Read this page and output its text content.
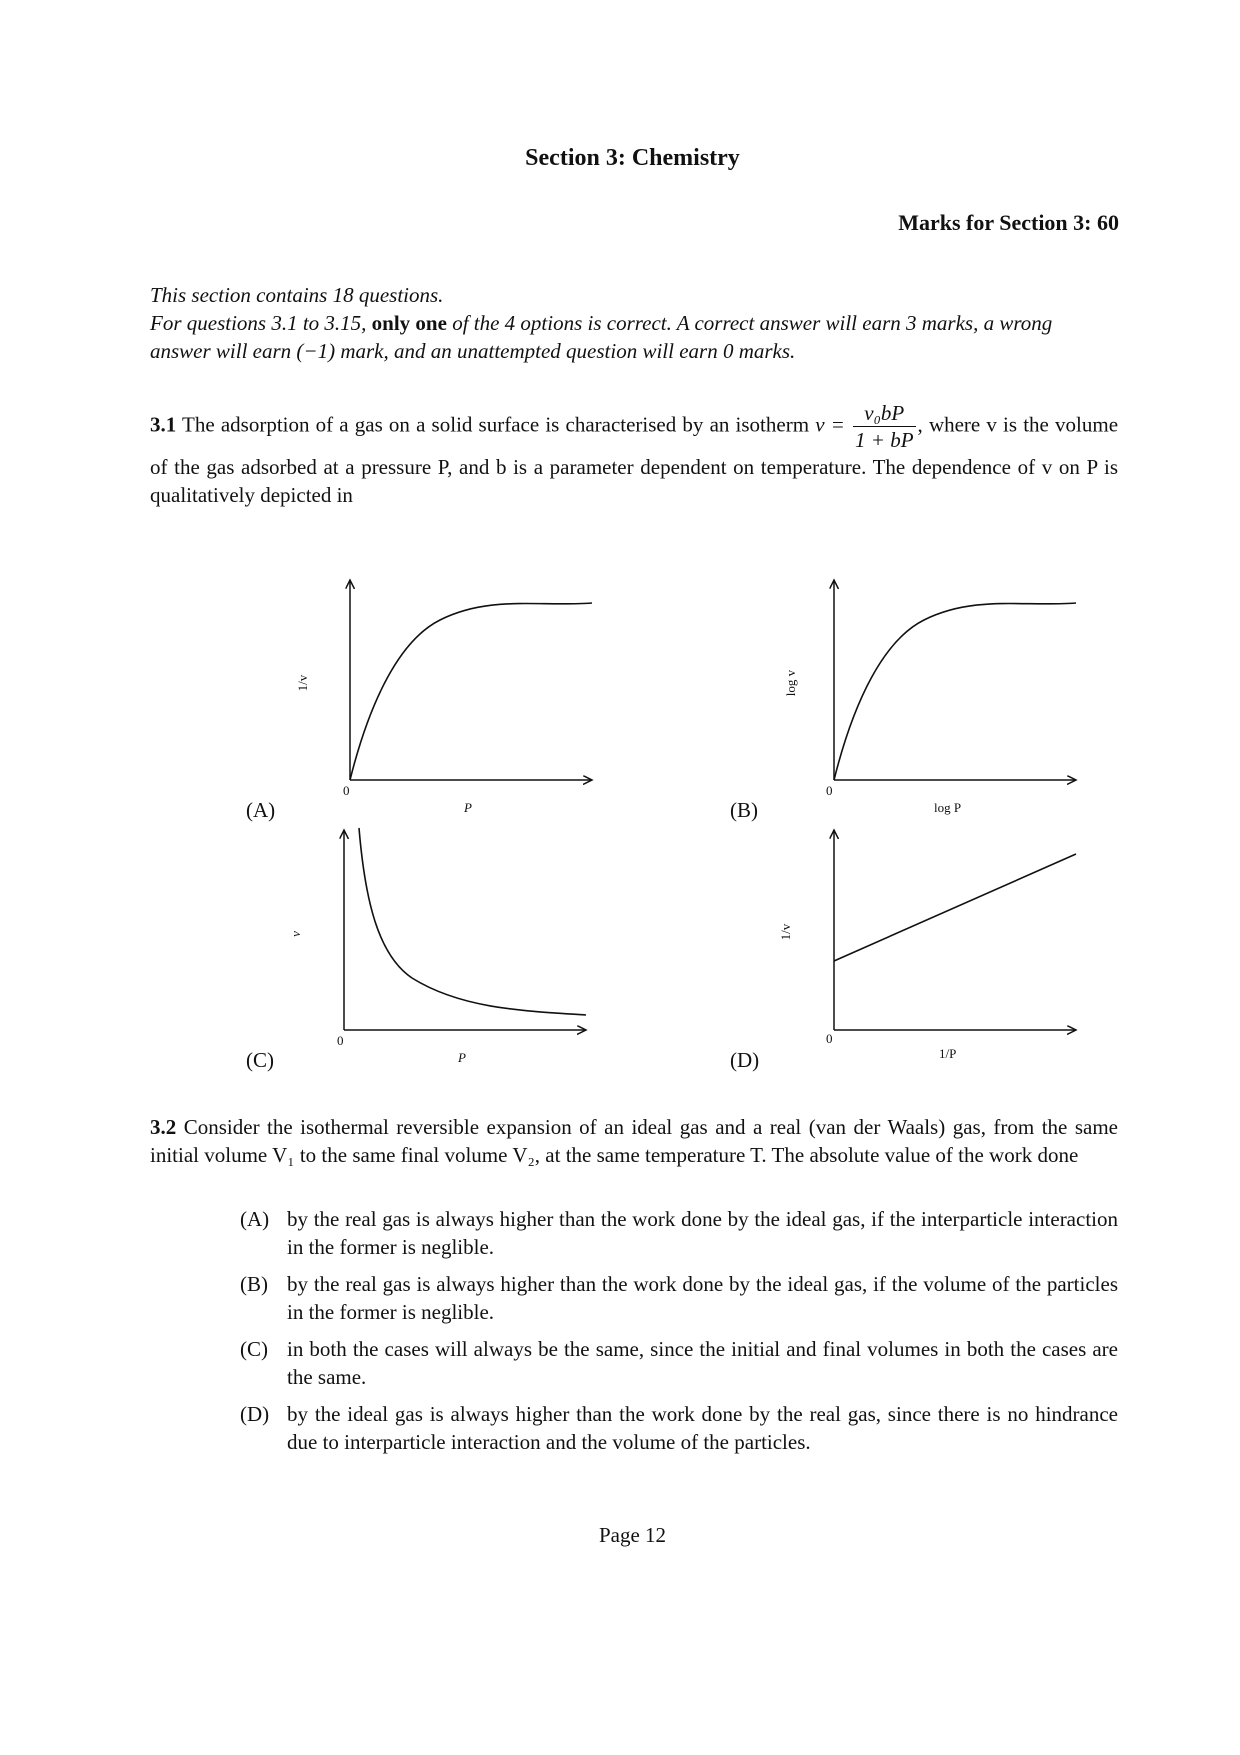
Section 3: Chemistry
Marks for Section 3: 60
This section contains 18 questions.
For questions 3.1 to 3.15, only one of the 4 options is correct. A correct answer will earn 3 marks, a wrong answer will earn (−1) mark, and an unattempted question will earn 0 marks.
3.1 The adsorption of a gas on a solid surface is characterised by an isotherm $v = \frac{\text{v₀bP}}{1 + bP}$ , where v is the volume of the gas adsorbed at a pressure P, and b is a parameter dependent on temperature. The dependence of v on P is qualitatively depicted in
(A)
0
P
1/v
(B)
0
log P
log v
(C)
0
P
v
(D)
0
1/P
1/v
3.2 Consider the isothermal reversible expansion of an ideal gas and a real (van der Waals) gas, from the same initial volume V₁ to the same final volume V₂, at the same temperature T. The absolute value of the work done
(A) by the real gas is always higher than the work done by the ideal gas, if the interparticle interaction in the former is neglible.
(B) by the real gas is always higher than the work done by the ideal gas, if the volume of the particles in the former is neglible.
(C) in both the cases will always be the same, since the initial and final volumes in both the cases are the same.
(D) by the ideal gas is always higher than the work done by the real gas, since there is no hindrance due to interparticle interaction and the volume of the particles.
Page 12
